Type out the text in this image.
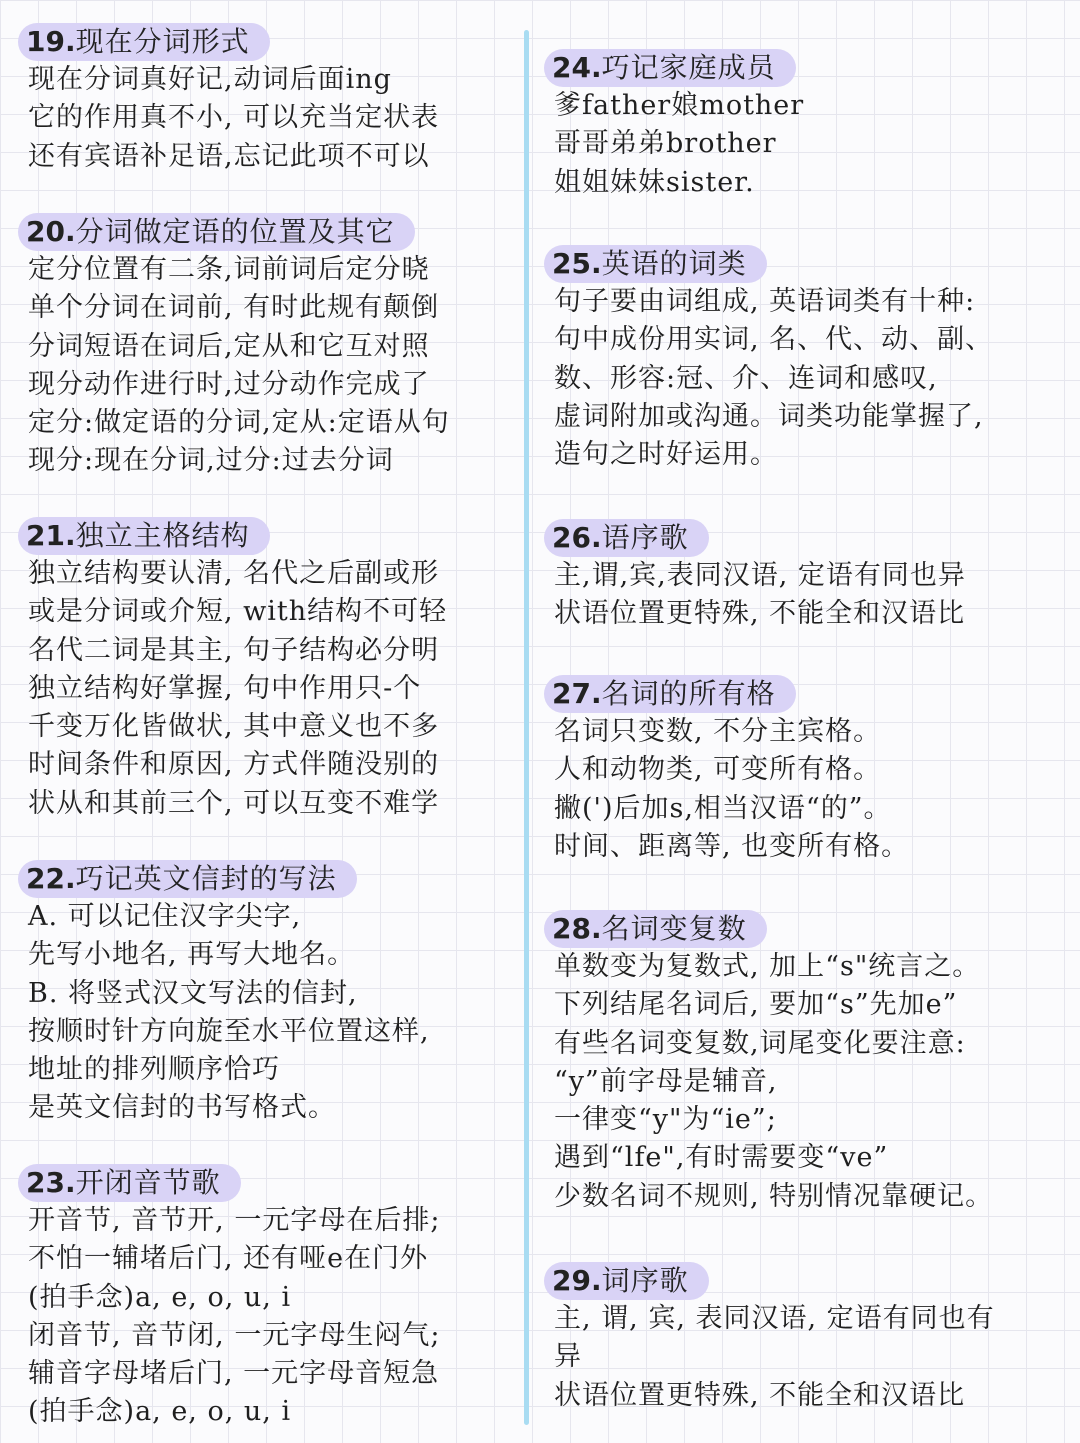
19.现在分词形式
现在分词真好记,动词后面ing
它的作用真不小, 可以充当定状表
还有宾语补足语,忘记此项不可以
20.分词做定语的位置及其它
定分位置有二条,词前词后定分晓
单个分词在词前, 有时此规有颠倒
分词短语在词后,定从和它互对照
现分动作进行时,过分动作完成了
定分:做定语的分词,定从:定语从句
现分:现在分词,过分:过去分词
21.独立主格结构
独立结构要认清, 名代之后副或形
或是分词或介短, with结构不可轻
名代二词是其主, 句子结构必分明
独立结构好掌握, 句中作用只-个
千变万化皆做状, 其中意义也不多
时间条件和原因, 方式伴随没别的
状从和其前三个, 可以互变不难学
22.巧记英文信封的写法
A. 可以记住汉字尖字,
先写小地名, 再写大地名。
B. 将竖式汉文写法的信封,
按顺时针方向旋至水平位置这样,
地址的排列顺序恰巧
是英文信封的书写格式。
23.开闭音节歌
开音节, 音节开, 一元字母在后排;
不怕一辅堵后门, 还有哑e在门外
(拍手念)a, e, o, u, i
闭音节, 音节闭, 一元字母生闷气;
辅音字母堵后门, 一元字母音短急
(拍手念)a, e, o, u, i
24.巧记家庭成员
爹father娘mother
哥哥弟弟brother
姐姐妹妹sister.
25.英语的词类
句子要由词组成, 英语词类有十种:
句中成份用实词, 名、代、动、副、
数、形容:冠、介、连词和感叹,
虚词附加或沟通。词类功能掌握了,
造句之时好运用。
26.语序歌
主,谓,宾,表同汉语, 定语有同也异
状语位置更特殊, 不能全和汉语比
27.名词的所有格
名词只变数, 不分主宾格。
人和动物类, 可变所有格。
撇(')后加s,相当汉语“的”。
时间、距离等, 也变所有格。
28.名词变复数
单数变为复数式, 加上“s"统言之。
下列结尾名词后, 要加“s”先加e”
有些名词变复数,词尾变化要注意:
“y”前字母是辅音,
一律变“y"为“ie”;
遇到“lfe",有时需要变“ve”
少数名词不规则, 特别情况靠硬记。
29.词序歌
主, 谓, 宾, 表同汉语, 定语有同也有
异
状语位置更特殊, 不能全和汉语比
